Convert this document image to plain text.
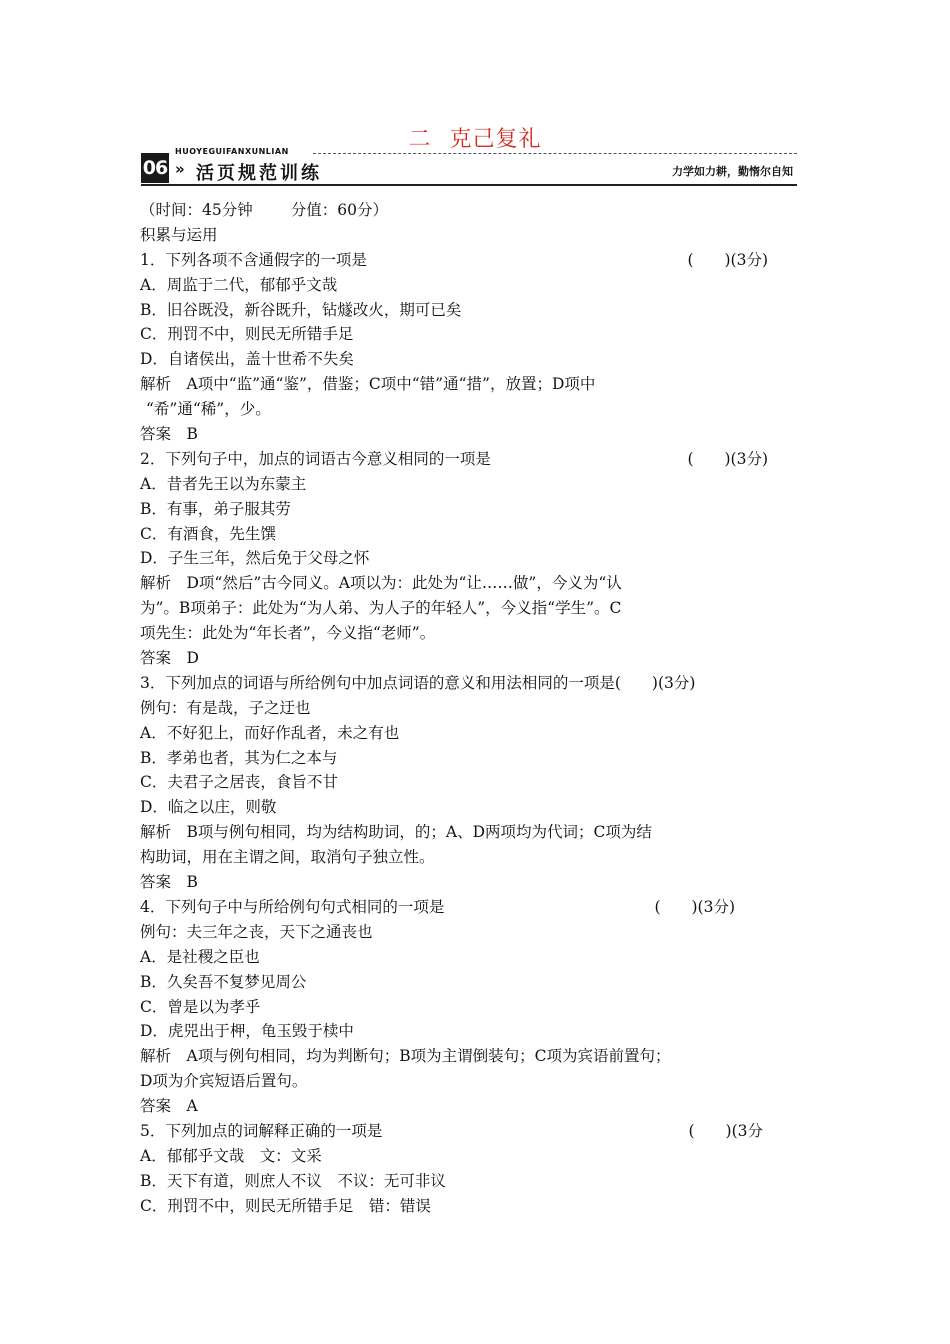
二 克己复礼
06
HUOYEGUIFANXUNLIAN
» 活页规范训练	力学如力耕，勤惰尔自知
（时间：45分钟 分值：60分）
积累与运用
1．下列各项不含通假字的一项是	(　　)(3分)
A．周监于二代，郁郁乎文哉
B．旧谷既没，新谷既升，钻燧改火，期可已矣
C．刑罚不中，则民无所错手足
D．自诸侯出，盖十世希不失矣
解析　A项中“监”通“鉴”，借鉴；C项中“错”通“措”，放置；D项中
“希”通“稀”，少。
答案　B
2．下列句子中，加点的词语古今意义相同的一项是	(　　)(3分)
A．昔者先王以为东蒙主
B．有事，弟子服其劳
C．有酒食，先生馔
D．子生三年，然后免于父母之怀
解析　D项“然后”古今同义。A项以为：此处为“让……做”，今义为“认
为”。B项弟子：此处为“为人弟、为人子的年轻人”，今义指“学生”。C
项先生：此处为“年长者”，今义指“老师”。
答案　D
3．下列加点的词语与所给例句中加点词语的意义和用法相同的一项是(　　)(3分)
例句：有是哉，子之迂也
A．不好犯上，而好作乱者，未之有也
B．孝弟也者，其为仁之本与
C．夫君子之居丧，食旨不甘
D．临之以庄，则敬
解析　B项与例句相同，均为结构助词，的；A、D两项均为代词；C项为结
构助词，用在主谓之间，取消句子独立性。
答案　B
4．下列句子中与所给例句句式相同的一项是	(　　)(3分)
例句：夫三年之丧，天下之通丧也
A．是社稷之臣也
B．久矣吾不复梦见周公
C．曾是以为孝乎
D．虎兕出于柙，龟玉毁于椟中
解析　A项与例句相同，均为判断句；B项为主谓倒装句；C项为宾语前置句；
D项为介宾短语后置句。
答案　A
5．下列加点的词解释正确的一项是	(　　)(3分
A．郁郁乎文哉　文：文采
B．天下有道，则庶人不议　不议：无可非议
C．刑罚不中，则民无所错手足　错：错误
